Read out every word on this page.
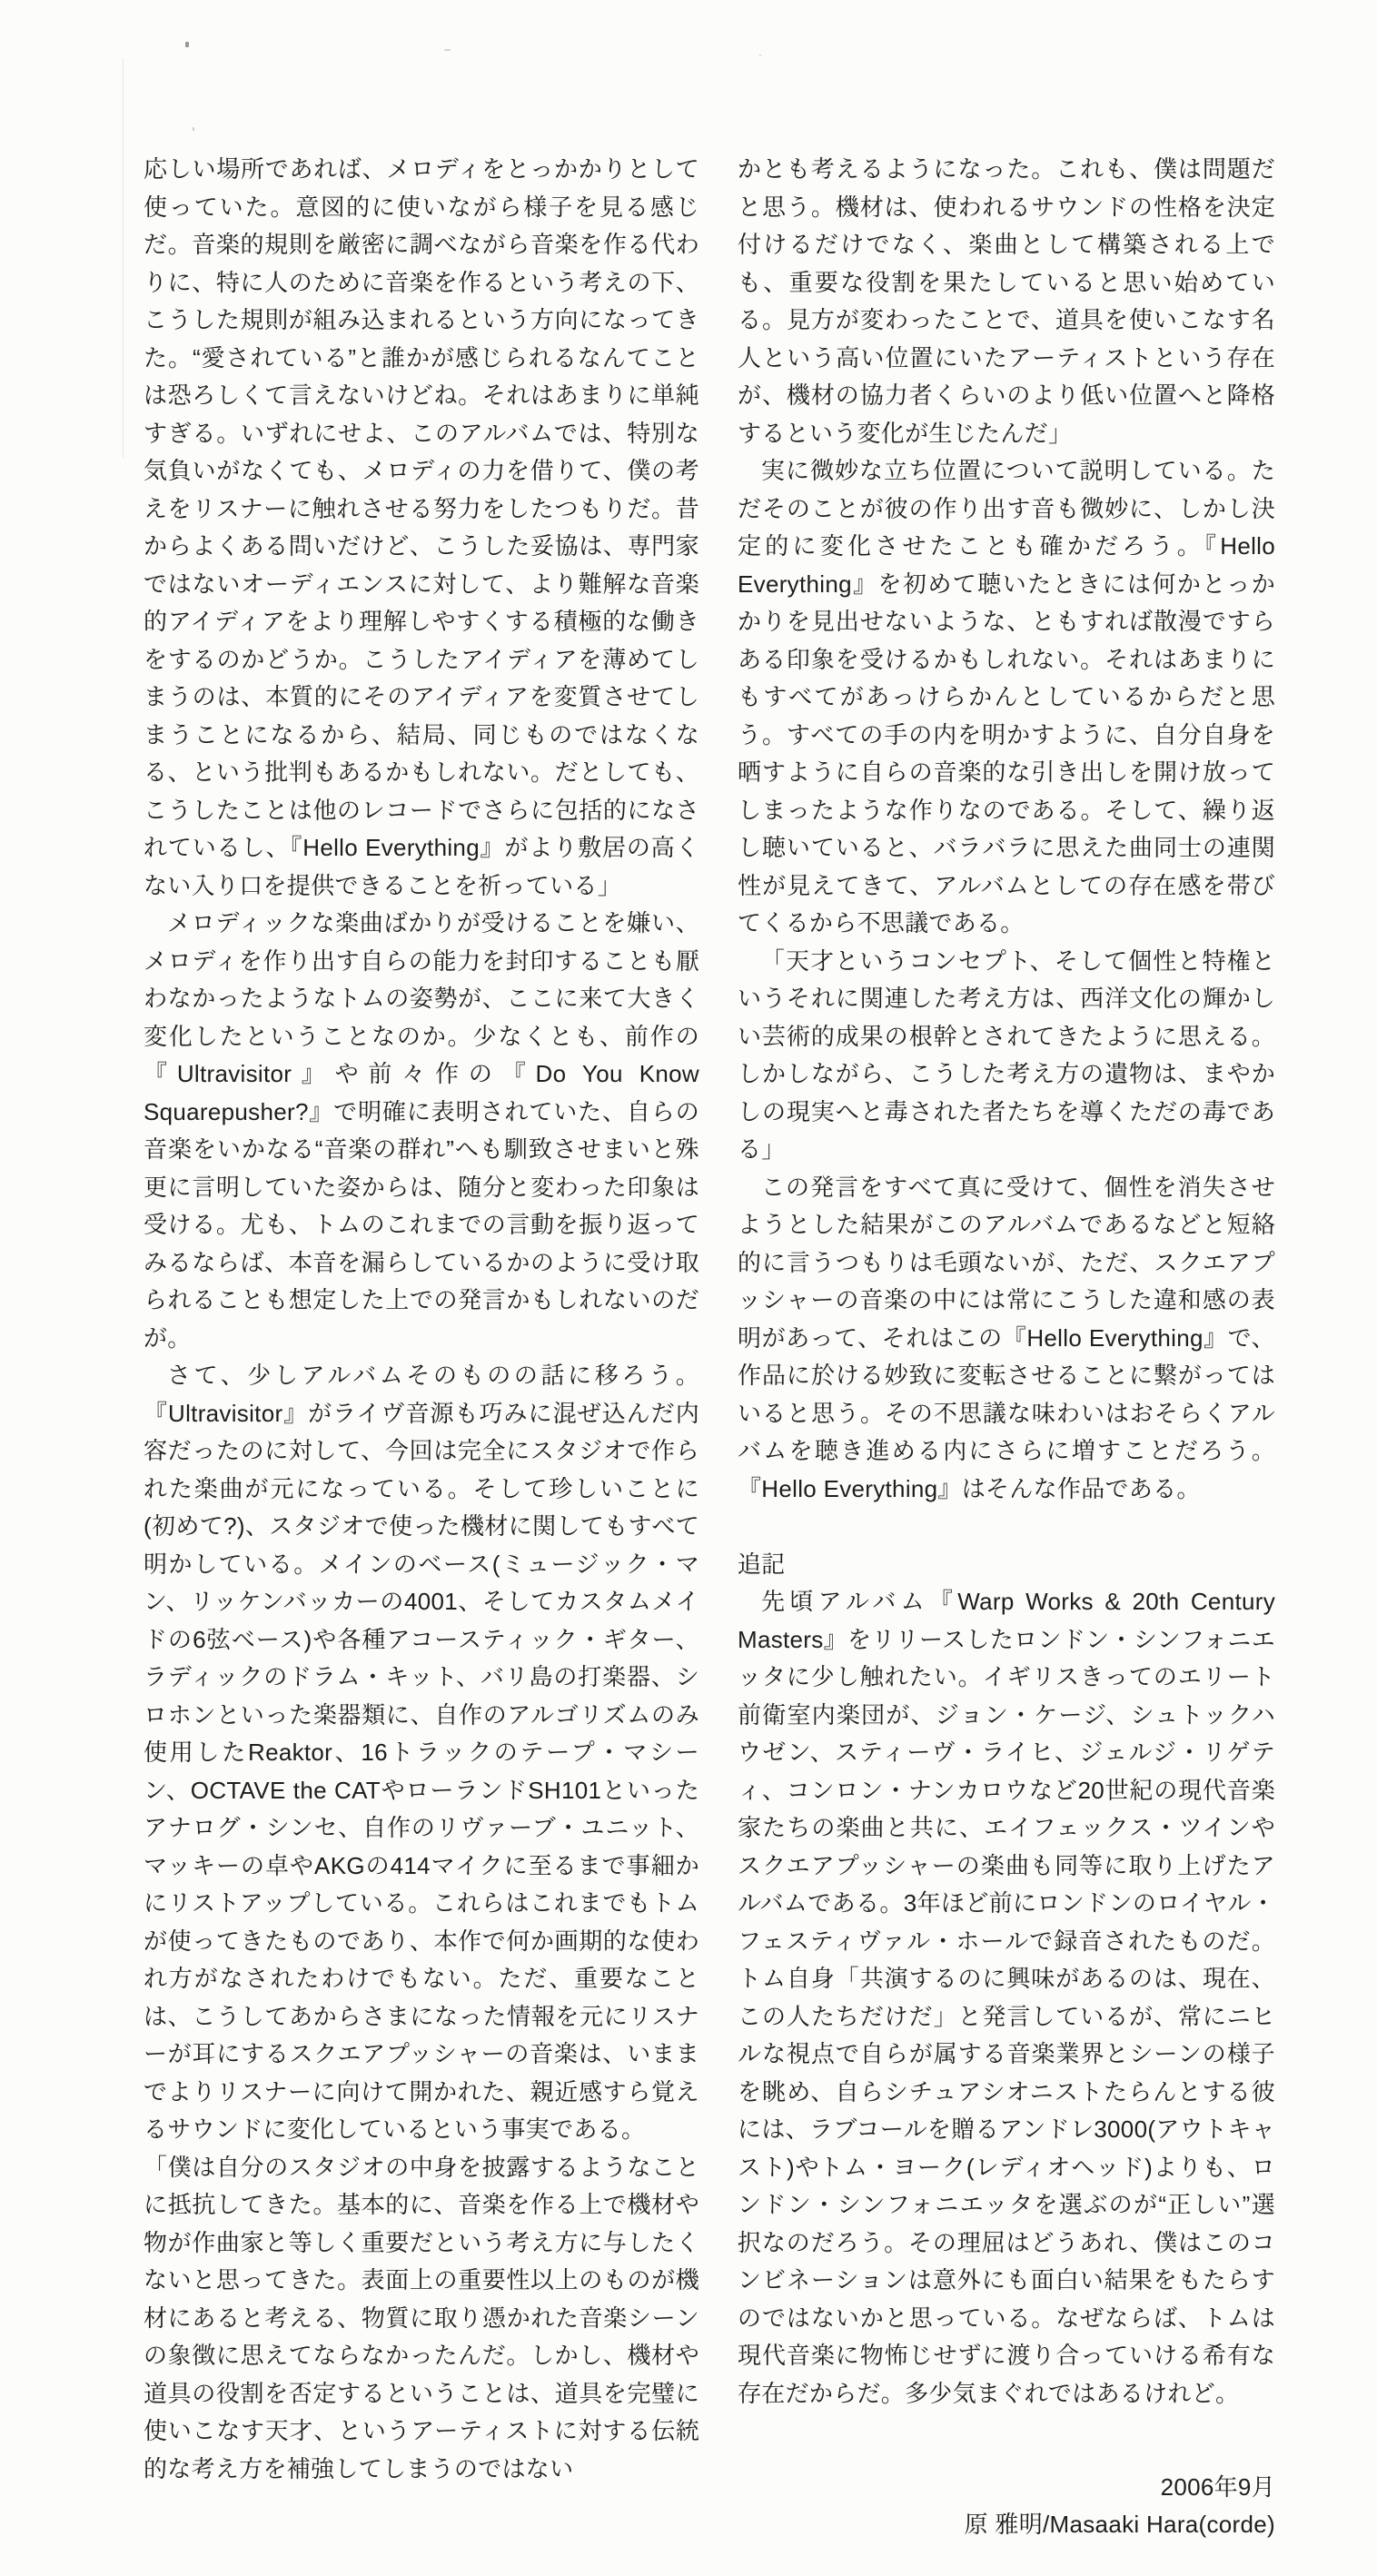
応しい場所であれば、メロディをとっかかりとして使っていた。意図的に使いながら様子を見る感じだ。音楽的規則を厳密に調べながら音楽を作る代わりに、特に人のために音楽を作るという考えの下、こうした規則が組み込まれるという方向になってきた。“愛されている”と誰かが感じられるなんてことは恐ろしくて言えないけどね。それはあまりに単純すぎる。いずれにせよ、このアルバムでは、特別な気負いがなくても、メロディの力を借りて、僕の考えをリスナーに触れさせる努力をしたつもりだ。昔からよくある問いだけど、こうした妥協は、専門家ではないオーディエンスに対して、より難解な音楽的アイディアをより理解しやすくする積極的な働きをするのかどうか。こうしたアイディアを薄めてしまうのは、本質的にそのアイディアを変質させてしまうことになるから、結局、同じものではなくなる、という批判もあるかもしれない。だとしても、こうしたことは他のレコードでさらに包括的になされているし、『Hello Everything』がより敷居の高くない入り口を提供できることを祈っている」

メロディックな楽曲ばかりが受けることを嫌い、メロディを作り出す自らの能力を封印することも厭わなかったようなトムの姿勢が、ここに来て大きく変化したということなのか。少なくとも、前作の『Ultravisitor』や前々作の『Do You Know Squarepusher?』で明確に表明されていた、自らの音楽をいかなる“音楽の群れ”へも馴致させまいと殊更に言明していた姿からは、随分と変わった印象は受ける。尤も、トムのこれまでの言動を振り返ってみるならば、本音を漏らしているかのように受け取られることも想定した上での発言かもしれないのだが。

さて、少しアルバムそのものの話に移ろう。『Ultravisitor』がライヴ音源も巧みに混ぜ込んだ内容だったのに対して、今回は完全にスタジオで作られた楽曲が元になっている。そして珍しいことに(初めて?)、スタジオで使った機材に関してもすべて明かしている。メインのベース(ミュージック・マン、リッケンバッカーの4001、そしてカスタムメイドの6弦ベース)や各種アコースティック・ギター、ラディックのドラム・キット、バリ島の打楽器、シロホンといった楽器類に、自作のアルゴリズムのみ使用したReaktor、16トラックのテープ・マシーン、OCTAVE the CATやローランドSH101といったアナログ・シンセ、自作のリヴァーブ・ユニット、マッキーの卓やAKGの414マイクに至るまで事細かにリストアップしている。これらはこれまでもトムが使ってきたものであり、本作で何か画期的な使われ方がなされたわけでもない。ただ、重要なことは、こうしてあからさまになった情報を元にリスナーが耳にするスクエアプッシャーの音楽は、いままでよりリスナーに向けて開かれた、親近感すら覚えるサウンドに変化しているという事実である。

「僕は自分のスタジオの中身を披露するようなことに抵抗してきた。基本的に、音楽を作る上で機材や物が作曲家と等しく重要だという考え方に与したくないと思ってきた。表面上の重要性以上のものが機材にあると考える、物質に取り憑かれた音楽シーンの象徴に思えてならなかったんだ。しかし、機材や道具の役割を否定するということは、道具を完璧に使いこなす天才、というアーティストに対する伝統的な考え方を補強してしまうのではない

かとも考えるようになった。これも、僕は問題だと思う。機材は、使われるサウンドの性格を決定付けるだけでなく、楽曲として構築される上でも、重要な役割を果たしていると思い始めている。見方が変わったことで、道具を使いこなす名人という高い位置にいたアーティストという存在が、機材の協力者くらいのより低い位置へと降格するという変化が生じたんだ」

実に微妙な立ち位置について説明している。ただそのことが彼の作り出す音も微妙に、しかし決定的に変化させたことも確かだろう。『Hello Everything』を初めて聴いたときには何かとっかかりを見出せないような、ともすれば散漫ですらある印象を受けるかもしれない。それはあまりにもすべてがあっけらかんとしているからだと思う。すべての手の内を明かすように、自分自身を晒すように自らの音楽的な引き出しを開け放ってしまったような作りなのである。そして、繰り返し聴いていると、バラバラに思えた曲同士の連関性が見えてきて、アルバムとしての存在感を帯びてくるから不思議である。

「天才というコンセプト、そして個性と特権というそれに関連した考え方は、西洋文化の輝かしい芸術的成果の根幹とされてきたように思える。しかしながら、こうした考え方の遺物は、まやかしの現実へと毒された者たちを導くただの毒である」

この発言をすべて真に受けて、個性を消失させようとした結果がこのアルバムであるなどと短絡的に言うつもりは毛頭ないが、ただ、スクエアプッシャーの音楽の中には常にこうした違和感の表明があって、それはこの『Hello Everything』で、作品に於ける妙致に変転させることに繋がってはいると思う。その不思議な味わいはおそらくアルバムを聴き進める内にさらに増すことだろう。『Hello Everything』はそんな作品である。

追記

先頃アルバム『Warp Works & 20th Century Masters』をリリースしたロンドン・シンフォニエッタに少し触れたい。イギリスきってのエリート前衛室内楽団が、ジョン・ケージ、シュトックハウゼン、スティーヴ・ライヒ、ジェルジ・リゲティ、コンロン・ナンカロウなど20世紀の現代音楽家たちの楽曲と共に、エイフェックス・ツインやスクエアプッシャーの楽曲も同等に取り上げたアルバムである。3年ほど前にロンドンのロイヤル・フェスティヴァル・ホールで録音されたものだ。トム自身「共演するのに興味があるのは、現在、この人たちだけだ」と発言しているが、常にニヒルな視点で自らが属する音楽業界とシーンの様子を眺め、自らシチュアシオニストたらんとする彼には、ラブコールを贈るアンドレ3000(アウトキャスト)やトム・ヨーク(レディオヘッド)よりも、ロンドン・シンフォニエッタを選ぶのが“正しい”選択なのだろう。その理屈はどうあれ、僕はこのコンビネーションは意外にも面白い結果をもたらすのではないかと思っている。なぜならば、トムは現代音楽に物怖じせずに渡り合っていける希有な存在だからだ。多少気まぐれではあるけれど。

2006年9月

原 雅明/Masaaki Hara(corde)
